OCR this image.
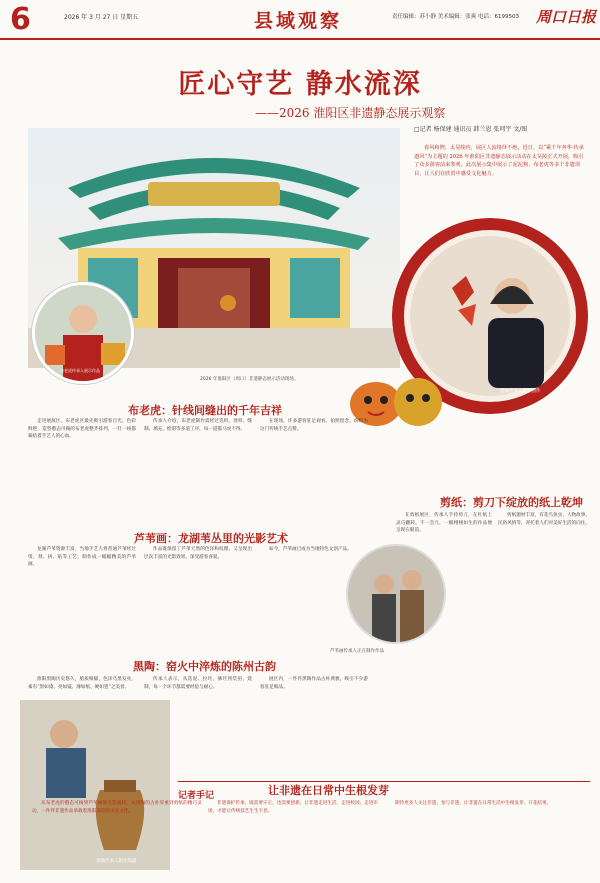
6	2026 年 3 月 27 日 星期五	县域观察	责任编辑：苏小静 美术编辑：张爽 电话：6199503 周口日报
匠心守艺 静水流深
——2026 淮阳区非遗静态展示观察
布老虎传承人展示作品
2026 年淮阳区（周口）非遗静态展示活动现场。
□记者 杨保建 通讯员 韩兰恩 张珂宇 文/图
春风和煦，太昊陵内，展区人流络绎不绝。近日，以“乘千年奔华·传承遗风”为主题的 2026 年淮阳区非遗静态展示活动在太昊陵正式开展，吸引了众多游客前来参观。此次展示集中展示了泥泥狗、布老虎等多个非遗项目，让人们在欣赏中感受文化魅力。
剪纸传承人正在创作
布老虎：针线间缝出的千年吉祥
走进展演区，布老虎区最先吸引游客目光。色彩鲜艳、造型憨态可掬的布老虎整齐排列，一针一线都凝结着手艺人的心血。
传承人介绍，布老虎制作需经过选料、剪样、缝制、填充、绘彩等多道工序，每一道都马虎不得。
在现场，许多游客驻足观看、拍照留念，纷纷为这门传统手艺点赞。
芦苇画：龙湖苇丛里的光影艺术
龙湖芦苇资源丰富，当地手艺人将普通芦苇经过烫、刻、拼、贴等工艺，制作成一幅幅精美的芦苇画。
作品既保留了芦苇天然的色泽和纹理，又呈现出层次丰富的光影效果，深受游客喜爱。
如今，芦苇画已成为当地特色文创产品。
芦苇画传承人正在制作作品
黑陶：窑火中淬炼的陈州古韵
淮阳黑陶历史悠久，胎质细腻，色泽乌黑发亮，素有“黑如漆、亮如镜、薄如纸、硬如瓷”之美誉。
传承人表示，从选泥、拉坯、修坯到装窑、烧制，每一个环节都需要经验与耐心。
展区内，一件件黑陶作品古朴典雅，吸引不少游客驻足细品。
黑陶传承人制作陶器
剪纸：剪刀下绽放的纸上乾坤
在剪纸展区，传承人手持剪刀，在红纸上灵巧翻转，不一会儿，一幅栩栩如生的作品便呈现在眼前。
剪纸题材丰富，有花鸟鱼虫、人物故事、民俗风情等，寄托着人们对美好生活的向往。
记者手记	让非遗在日常中生根发芽
从布老虎的憨态可掬到芦苇画的光影流转，从黑陶的古朴厚重到剪纸的精巧灵动，一件件非遗作品承载着淮阳深厚的历史文化。
非遗保护传承，既需要守正，也需要创新。让非遗走进生活、走进校园、走进市场，才能让传统技艺生生不息。
期待更多人关注非遗、参与非遗，让非遗在日常生活中生根发芽、开花结果。
